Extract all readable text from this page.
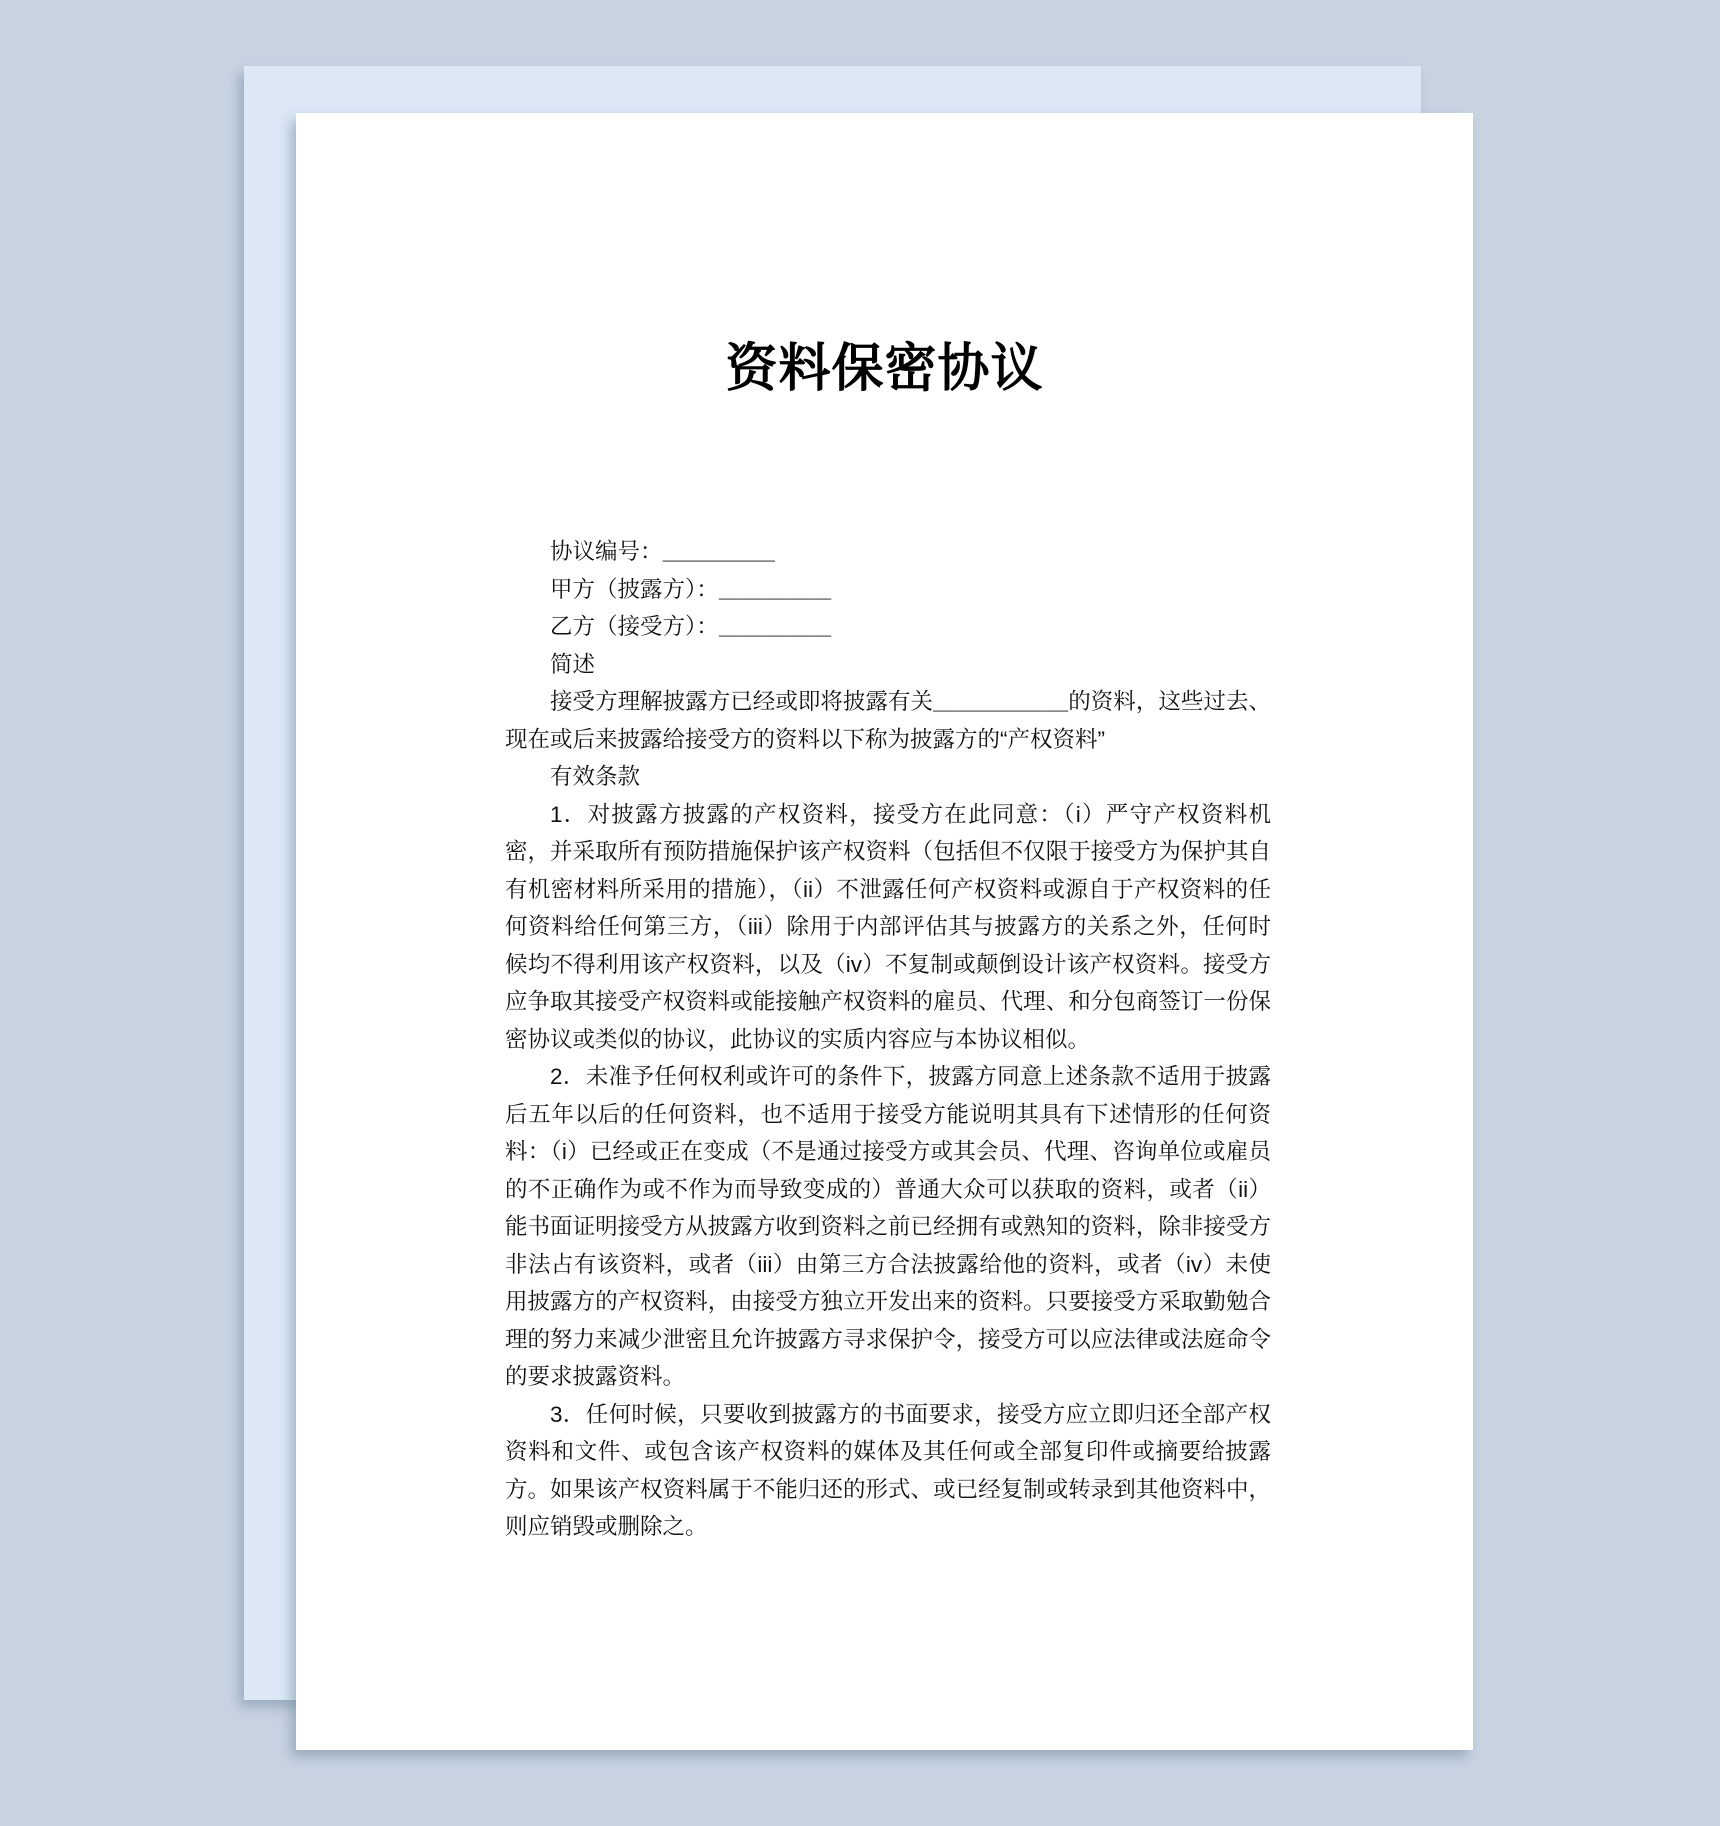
资料保密协议
协议编号：＿＿＿＿＿
甲方（披露方）：＿＿＿＿＿
乙方（接受方）：＿＿＿＿＿
简述

接受方理解披露方已经或即将披露有关＿＿＿＿＿＿的资料，这些过去、现在或后来披露给接受方的资料以下称为披露方的“产权资料”

有效条款

1．对披露方披露的产权资料，接受方在此同意：（i）严守产权资料机密，并采取所有预防措施保护该产权资料（包括但不仅限于接受方为保护其自有机密材料所采用的措施），（ii）不泄露任何产权资料或源自于产权资料的任何资料给任何第三方，（iii）除用于内部评估其与披露方的关系之外，任何时候均不得利用该产权资料，以及（iv）不复制或颠倒设计该产权资料。接受方应争取其接受产权资料或能接触产权资料的雇员、代理、和分包商签订一份保密协议或类似的协议，此协议的实质内容应与本协议相似。

2．未准予任何权利或许可的条件下，披露方同意上述条款不适用于披露后五年以后的任何资料，也不适用于接受方能说明其具有下述情形的任何资料：（i）已经或正在变成（不是通过接受方或其会员、代理、咨询单位或雇员的不正确作为或不作为而导致变成的）普通大众可以获取的资料，或者（ii）能书面证明接受方从披露方收到资料之前已经拥有或熟知的资料，除非接受方非法占有该资料，或者（iii）由第三方合法披露给他的资料，或者（iv）未使用披露方的产权资料，由接受方独立开发出来的资料。只要接受方采取勤勉合理的努力来减少泄密且允许披露方寻求保护令，接受方可以应法律或法庭命令的要求披露资料。

3．任何时候，只要收到披露方的书面要求，接受方应立即归还全部产权资料和文件、或包含该产权资料的媒体及其任何或全部复印件或摘要给披露方。如果该产权资料属于不能归还的形式、或已经复制或转录到其他资料中，则应销毁或删除之。
